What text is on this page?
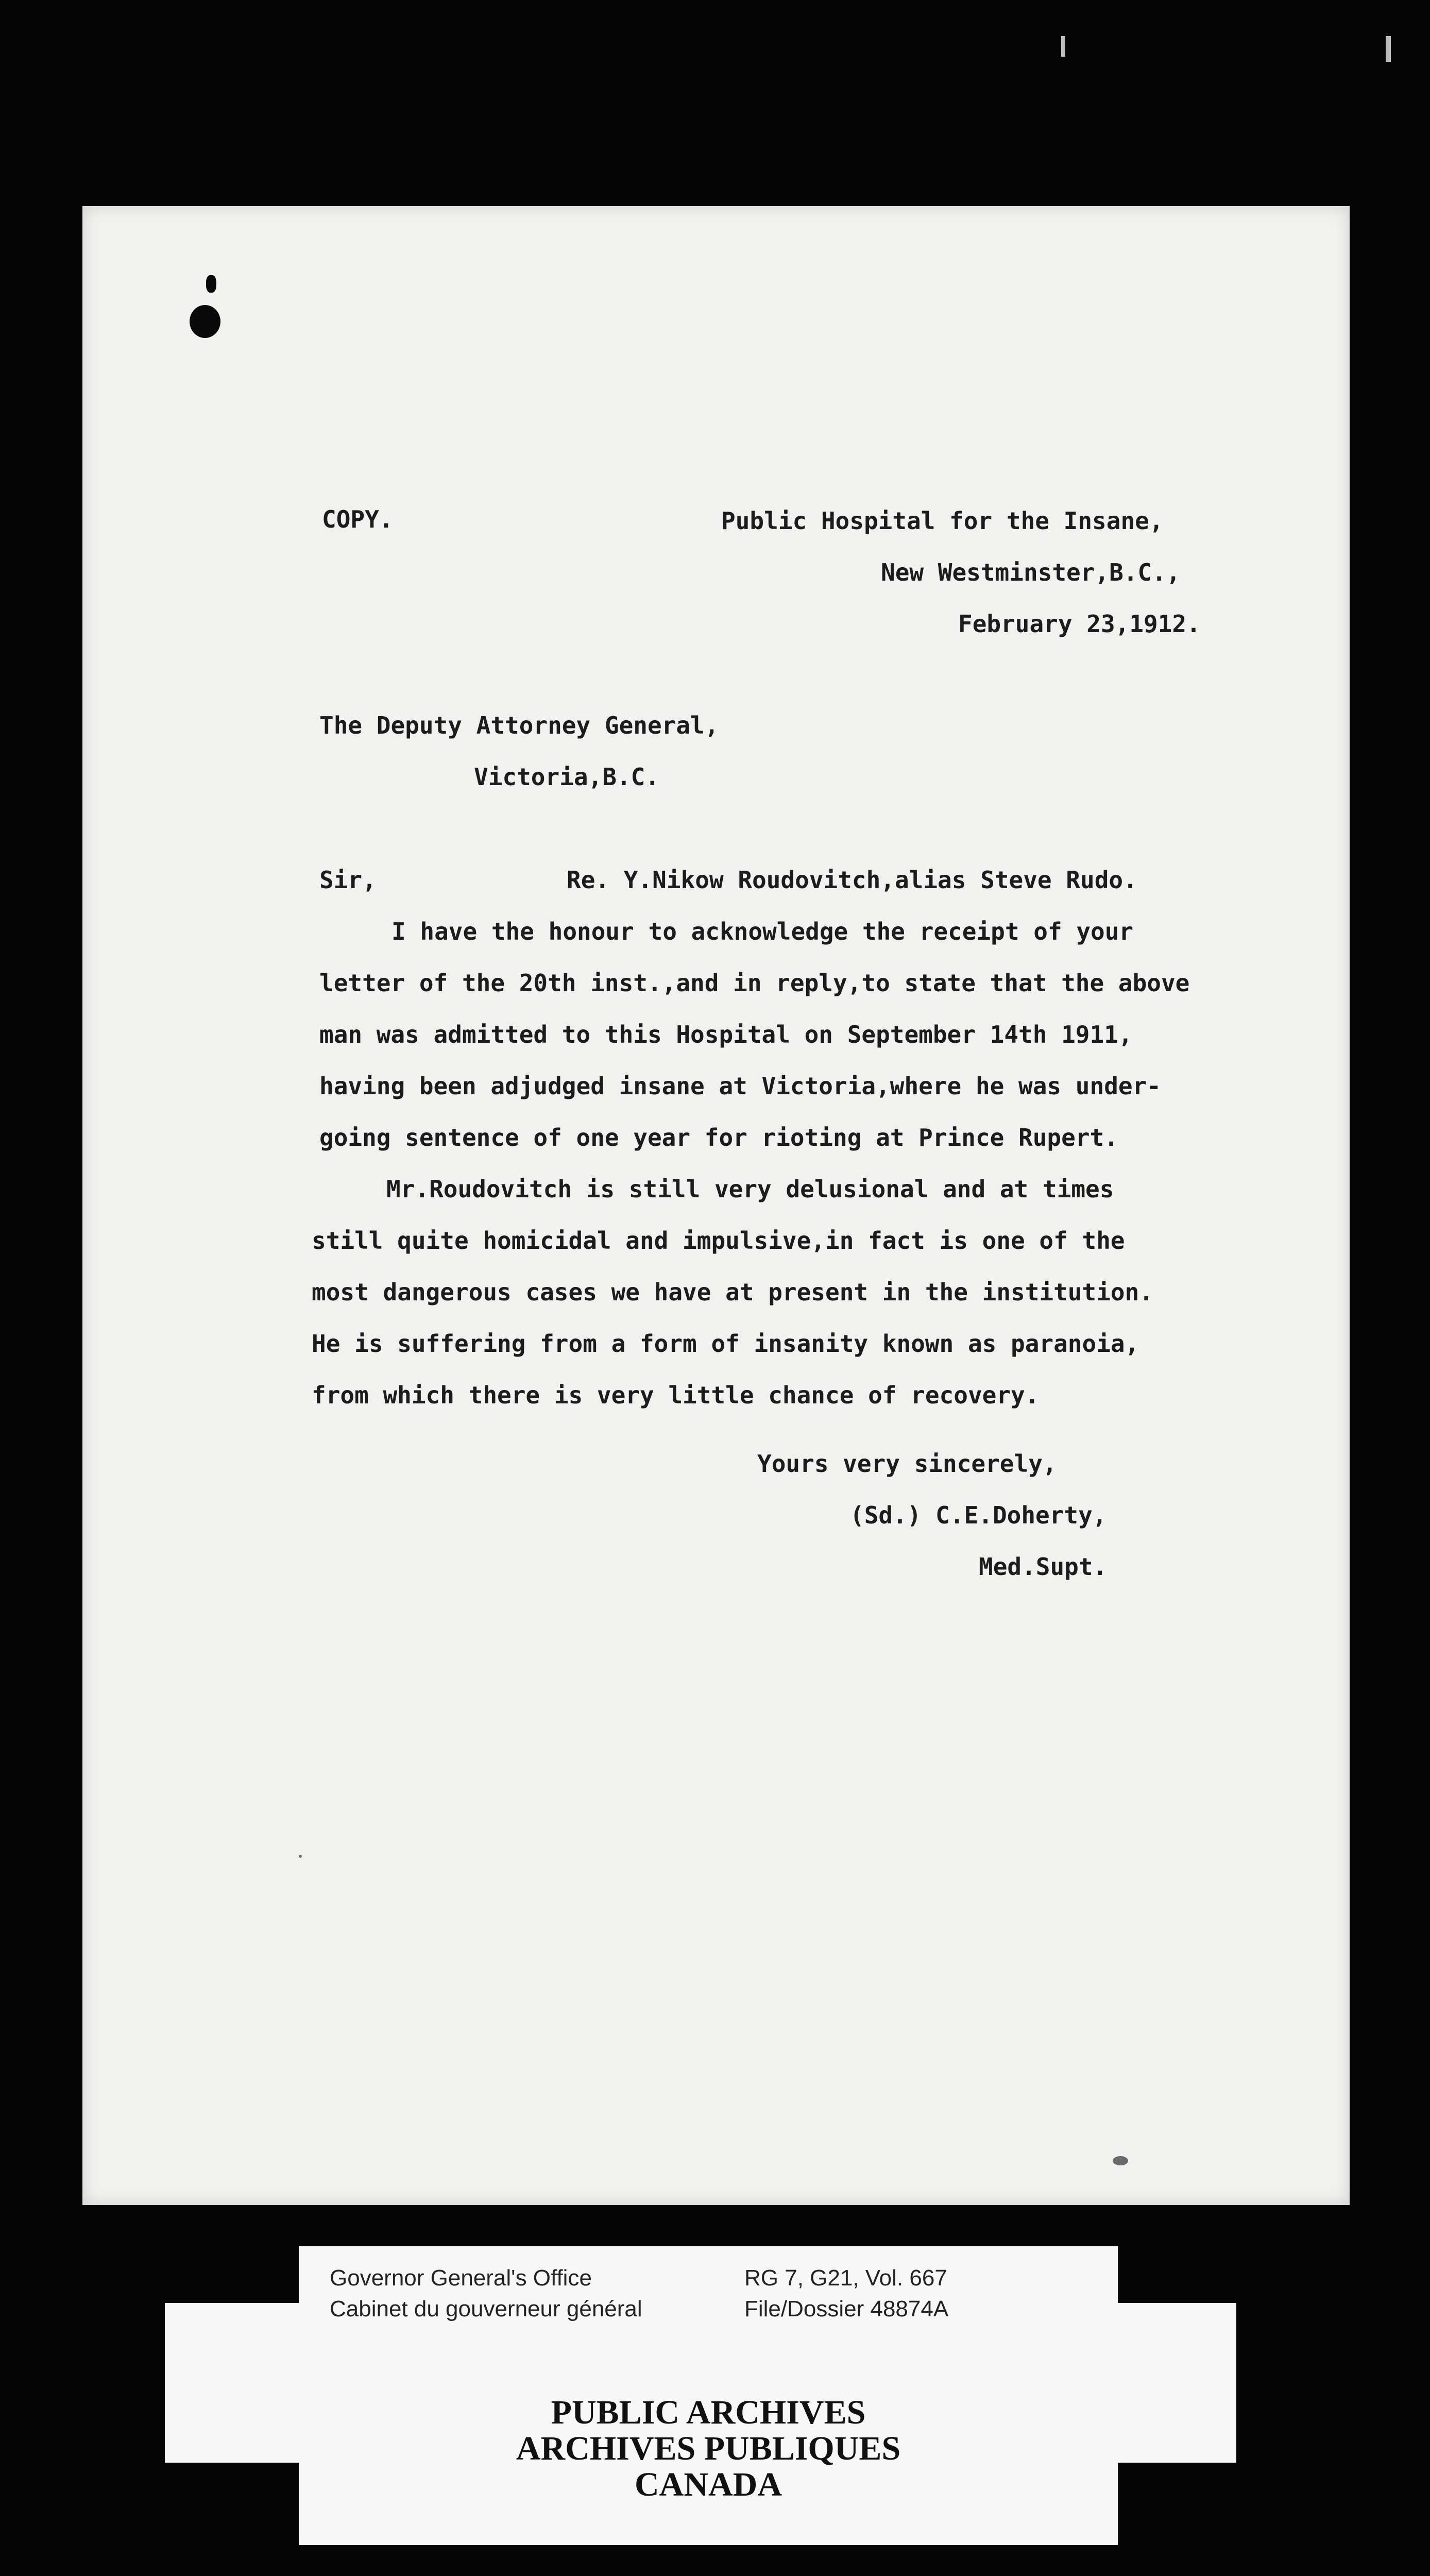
COPY.	Public Hospital for the Insane,

New Westminster,B.C.,

February 23,1912.

The Deputy Attorney General,

Victoria,B.C.

Sir,	Re. Y.Nikow Roudovitch,alias Steve Rudo.

I have the honour to acknowledge the receipt of your

letter of the 20th inst.,and in reply,to state that the above

man was admitted to this Hospital on September 14th 1911,

having been adjudged insane at Victoria,where he was under-

going sentence of one year for rioting at Prince Rupert.

Mr.Roudovitch is still very delusional and at times

still quite homicidal and impulsive,in fact is one of the

most dangerous cases we have at present in the institution.

He is suffering from a form of insanity known as paranoia,

from which there is very little chance of recovery.

Yours very sincerely,

(Sd.) C.E.Doherty,

Med.Supt.

Governor General's Office
Cabinet du gouverneur général
RG 7, G21, Vol. 667
File/Dossier 48874A
PUBLIC ARCHIVES
ARCHIVES PUBLIQUES
CANADA
